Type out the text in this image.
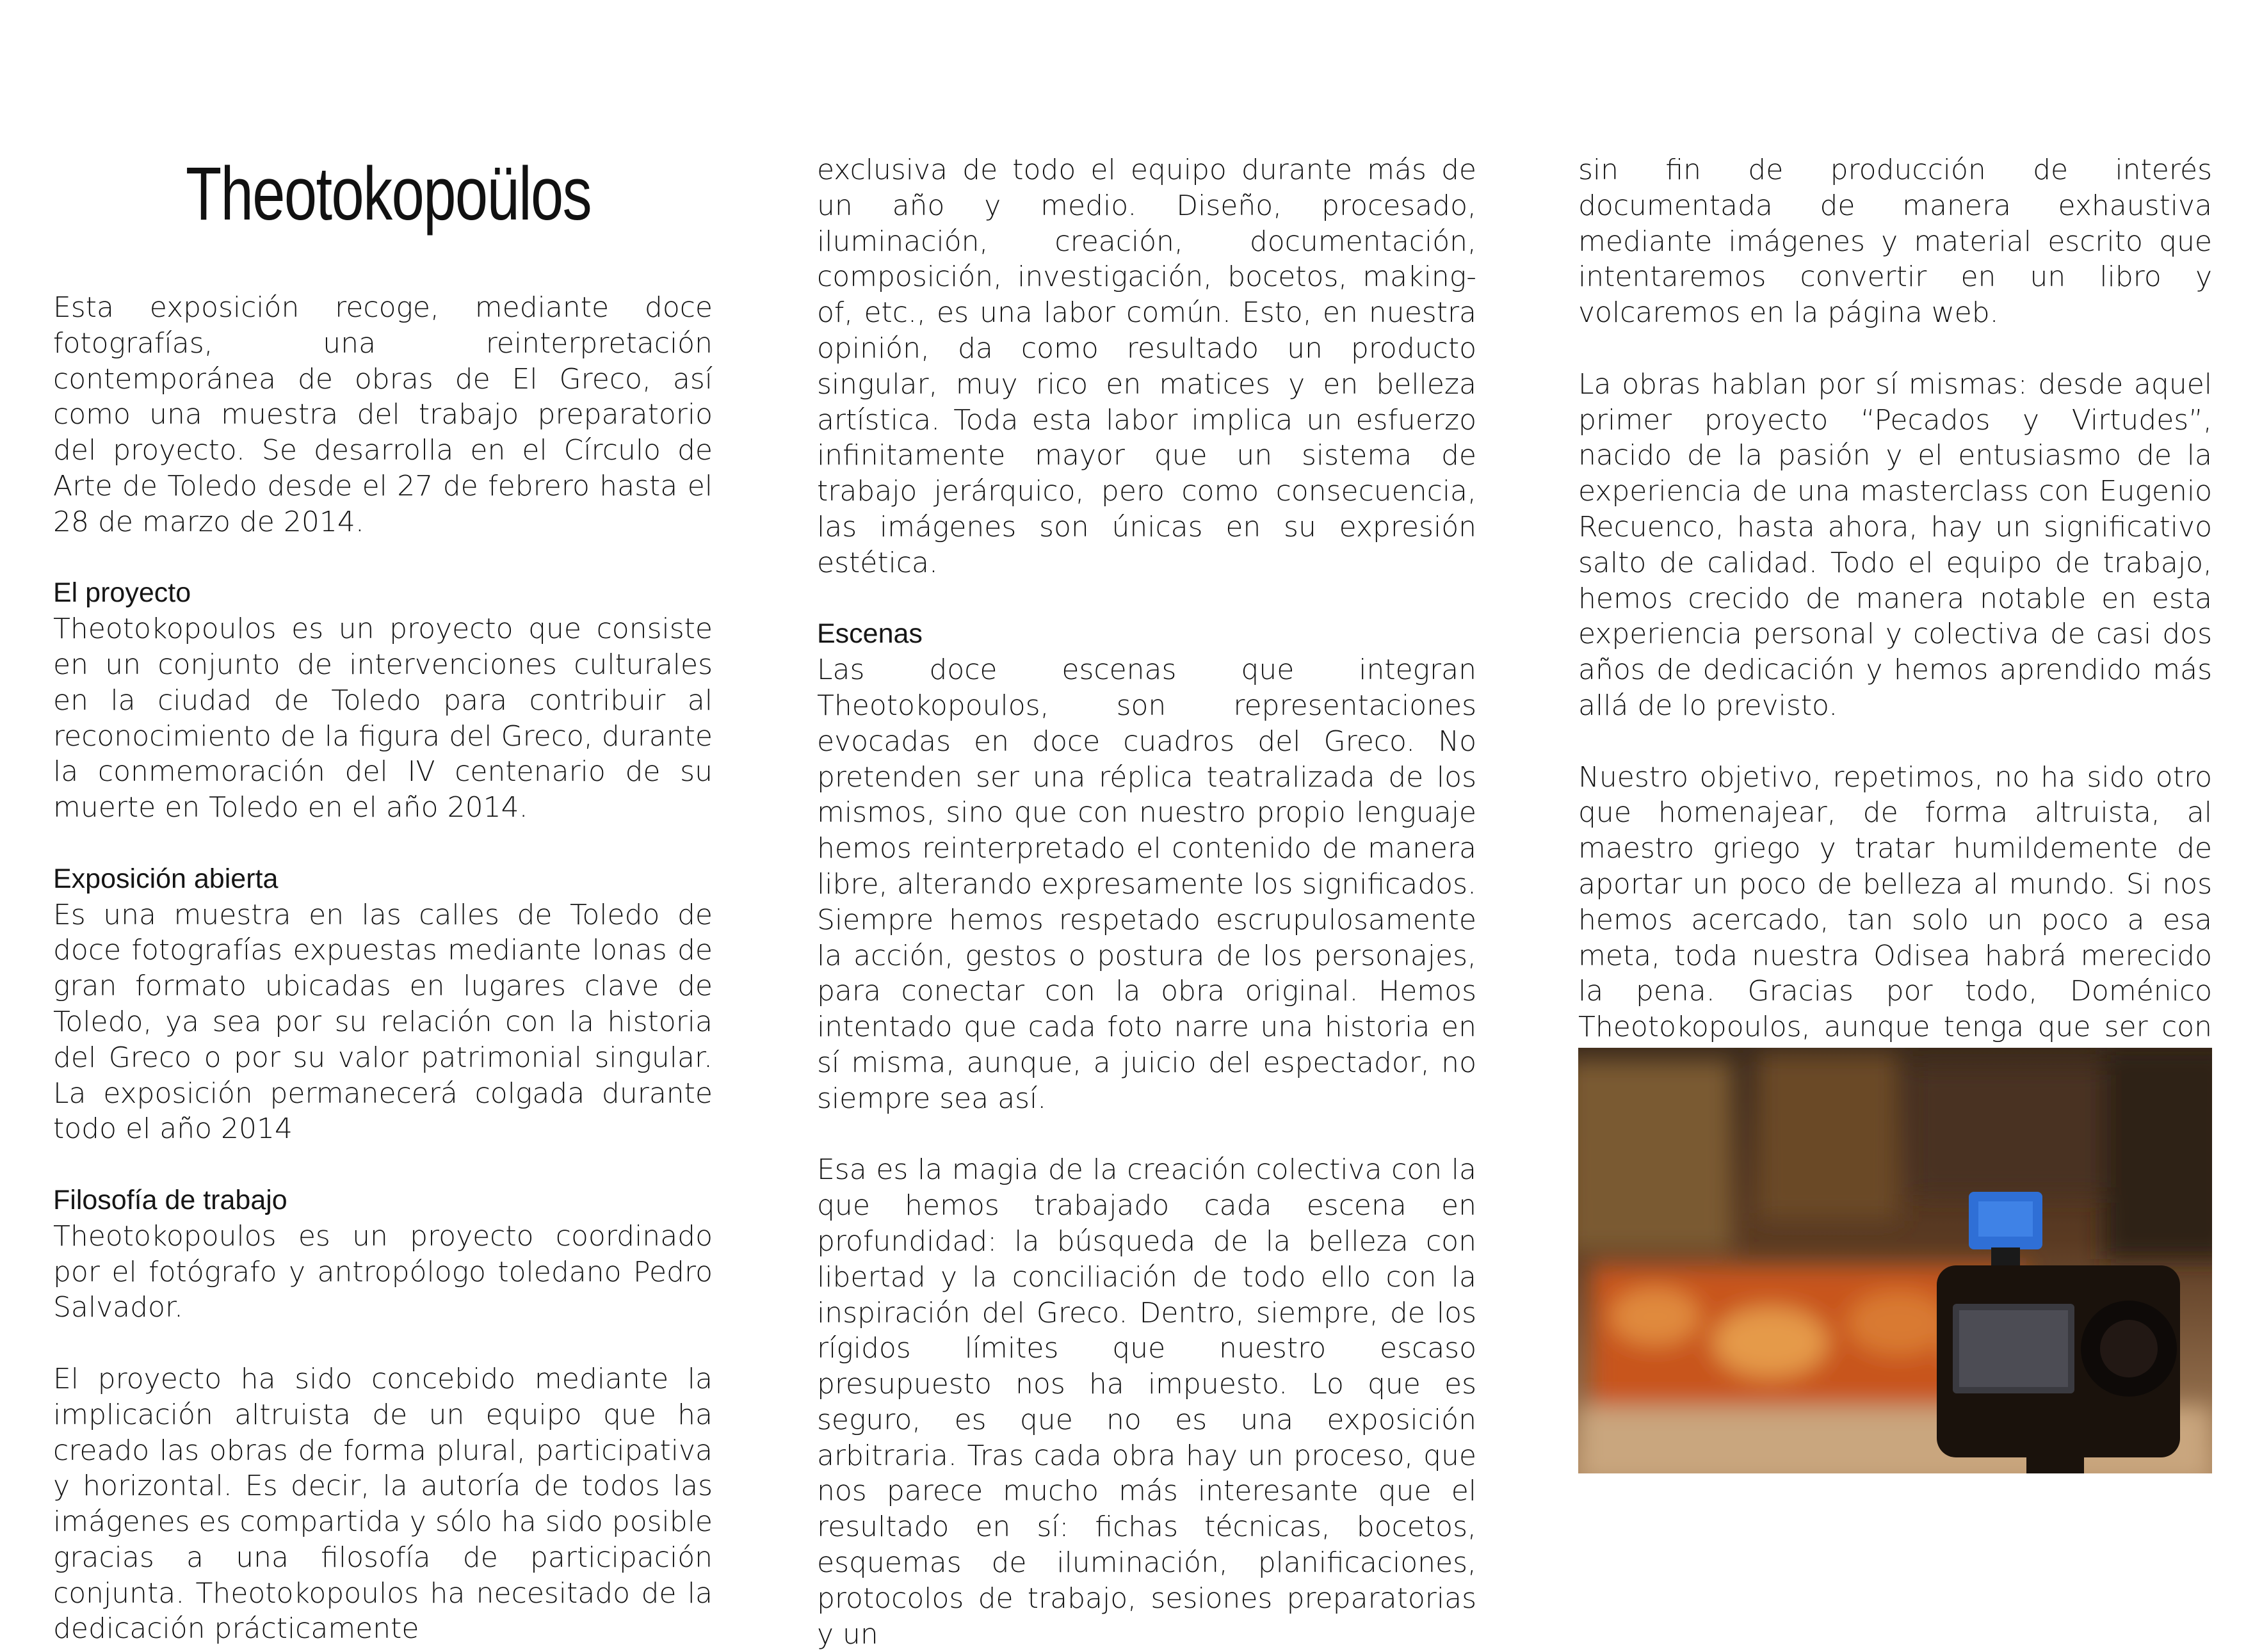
Theotokopoülos

Esta exposición recoge, mediante doce fotografías, una reinterpretación contemporánea de obras de El Greco, así como una muestra del trabajo preparatorio del proyecto. Se desarrolla en el Círculo de Arte de Toledo desde el 27 de febrero hasta el 28 de marzo de 2014.

El proyecto

Theotokopoulos es un proyecto que consiste en un conjunto de intervenciones culturales en la ciudad de Toledo para contribuir al reconocimiento de la figura del Greco, durante la conmemoración del IV centenario de su muerte en Toledo en el año 2014.

Exposición abierta

Es una muestra en las calles de Toledo de doce fotografías expuestas mediante lonas de gran formato ubicadas en lugares clave de Toledo, ya sea por su relación con la historia del Greco o por su valor patrimonial singular. La exposición permanecerá colgada durante todo el año 2014

Filosofía de trabajo

Theotokopoulos es un proyecto coordinado por el fotógrafo y antropólogo toledano Pedro Salvador.

El proyecto ha sido concebido mediante la implicación altruista de un equipo que ha creado las obras de forma plural, participativa y horizontal. Es decir, la autoría de todos las imágenes es compartida y sólo ha sido posible gracias a una filosofía de participación conjunta. Theotokopoulos ha necesitado de la dedicación prácticamente

exclusiva de todo el equipo durante más de un año y medio. Diseño, procesado, iluminación, creación, documentación, composición, investigación, bocetos, making-of, etc., es una labor común. Esto, en nuestra opinión, da como resultado un producto singular, muy rico en matices y en belleza artística. Toda esta labor implica un esfuerzo infinitamente mayor que un sistema de trabajo jerárquico, pero como consecuencia, las imágenes son únicas en su expresión estética.

Escenas

Las doce escenas que integran Theotokopoulos, son representaciones evocadas en doce cuadros del Greco. No pretenden ser una réplica teatralizada de los mismos, sino que con nuestro propio lenguaje hemos reinterpretado el contenido de manera libre, alterando expresamente los significados. Siempre hemos respetado escrupulosamente la acción, gestos o postura de los personajes, para conectar con la obra original. Hemos intentado que cada foto narre una historia en sí misma, aunque, a juicio del espectador, no siempre sea así.

Esa es la magia de la creación colectiva con la que hemos trabajado cada escena en profundidad: la búsqueda de la belleza con libertad y la conciliación de todo ello con la inspiración del Greco. Dentro, siempre, de los rígidos límites que nuestro escaso presupuesto nos ha impuesto. Lo que es seguro, es que no es una exposición arbitraria. Tras cada obra hay un proceso, que nos parece mucho más interesante que el resultado en sí: fichas técnicas, bocetos, esquemas de iluminación, planificaciones, protocolos de trabajo, sesiones preparatorias y un

sin fin de producción de interés documentada de manera exhaustiva mediante imágenes y material escrito que intentaremos convertir en un libro y volcaremos en la página web.

La obras hablan por sí mismas: desde aquel primer proyecto “Pecados y Virtudes”, nacido de la pasión y el entusiasmo de la experiencia de una masterclass con Eugenio Recuenco, hasta ahora, hay un significativo salto de calidad. Todo el equipo de trabajo, hemos crecido de manera notable en esta experiencia personal y colectiva de casi dos años de dedicación y hemos aprendido más allá de lo previsto.

Nuestro objetivo, repetimos, no ha sido otro que homenajear, de forma altruista, al maestro griego y tratar humildemente de aportar un poco de belleza al mundo. Si nos hemos acercado, tan solo un poco a esa meta, toda nuestra Odisea habrá merecido la pena. Gracias por todo, Doménico Theotokopoulos, aunque tenga que ser con
